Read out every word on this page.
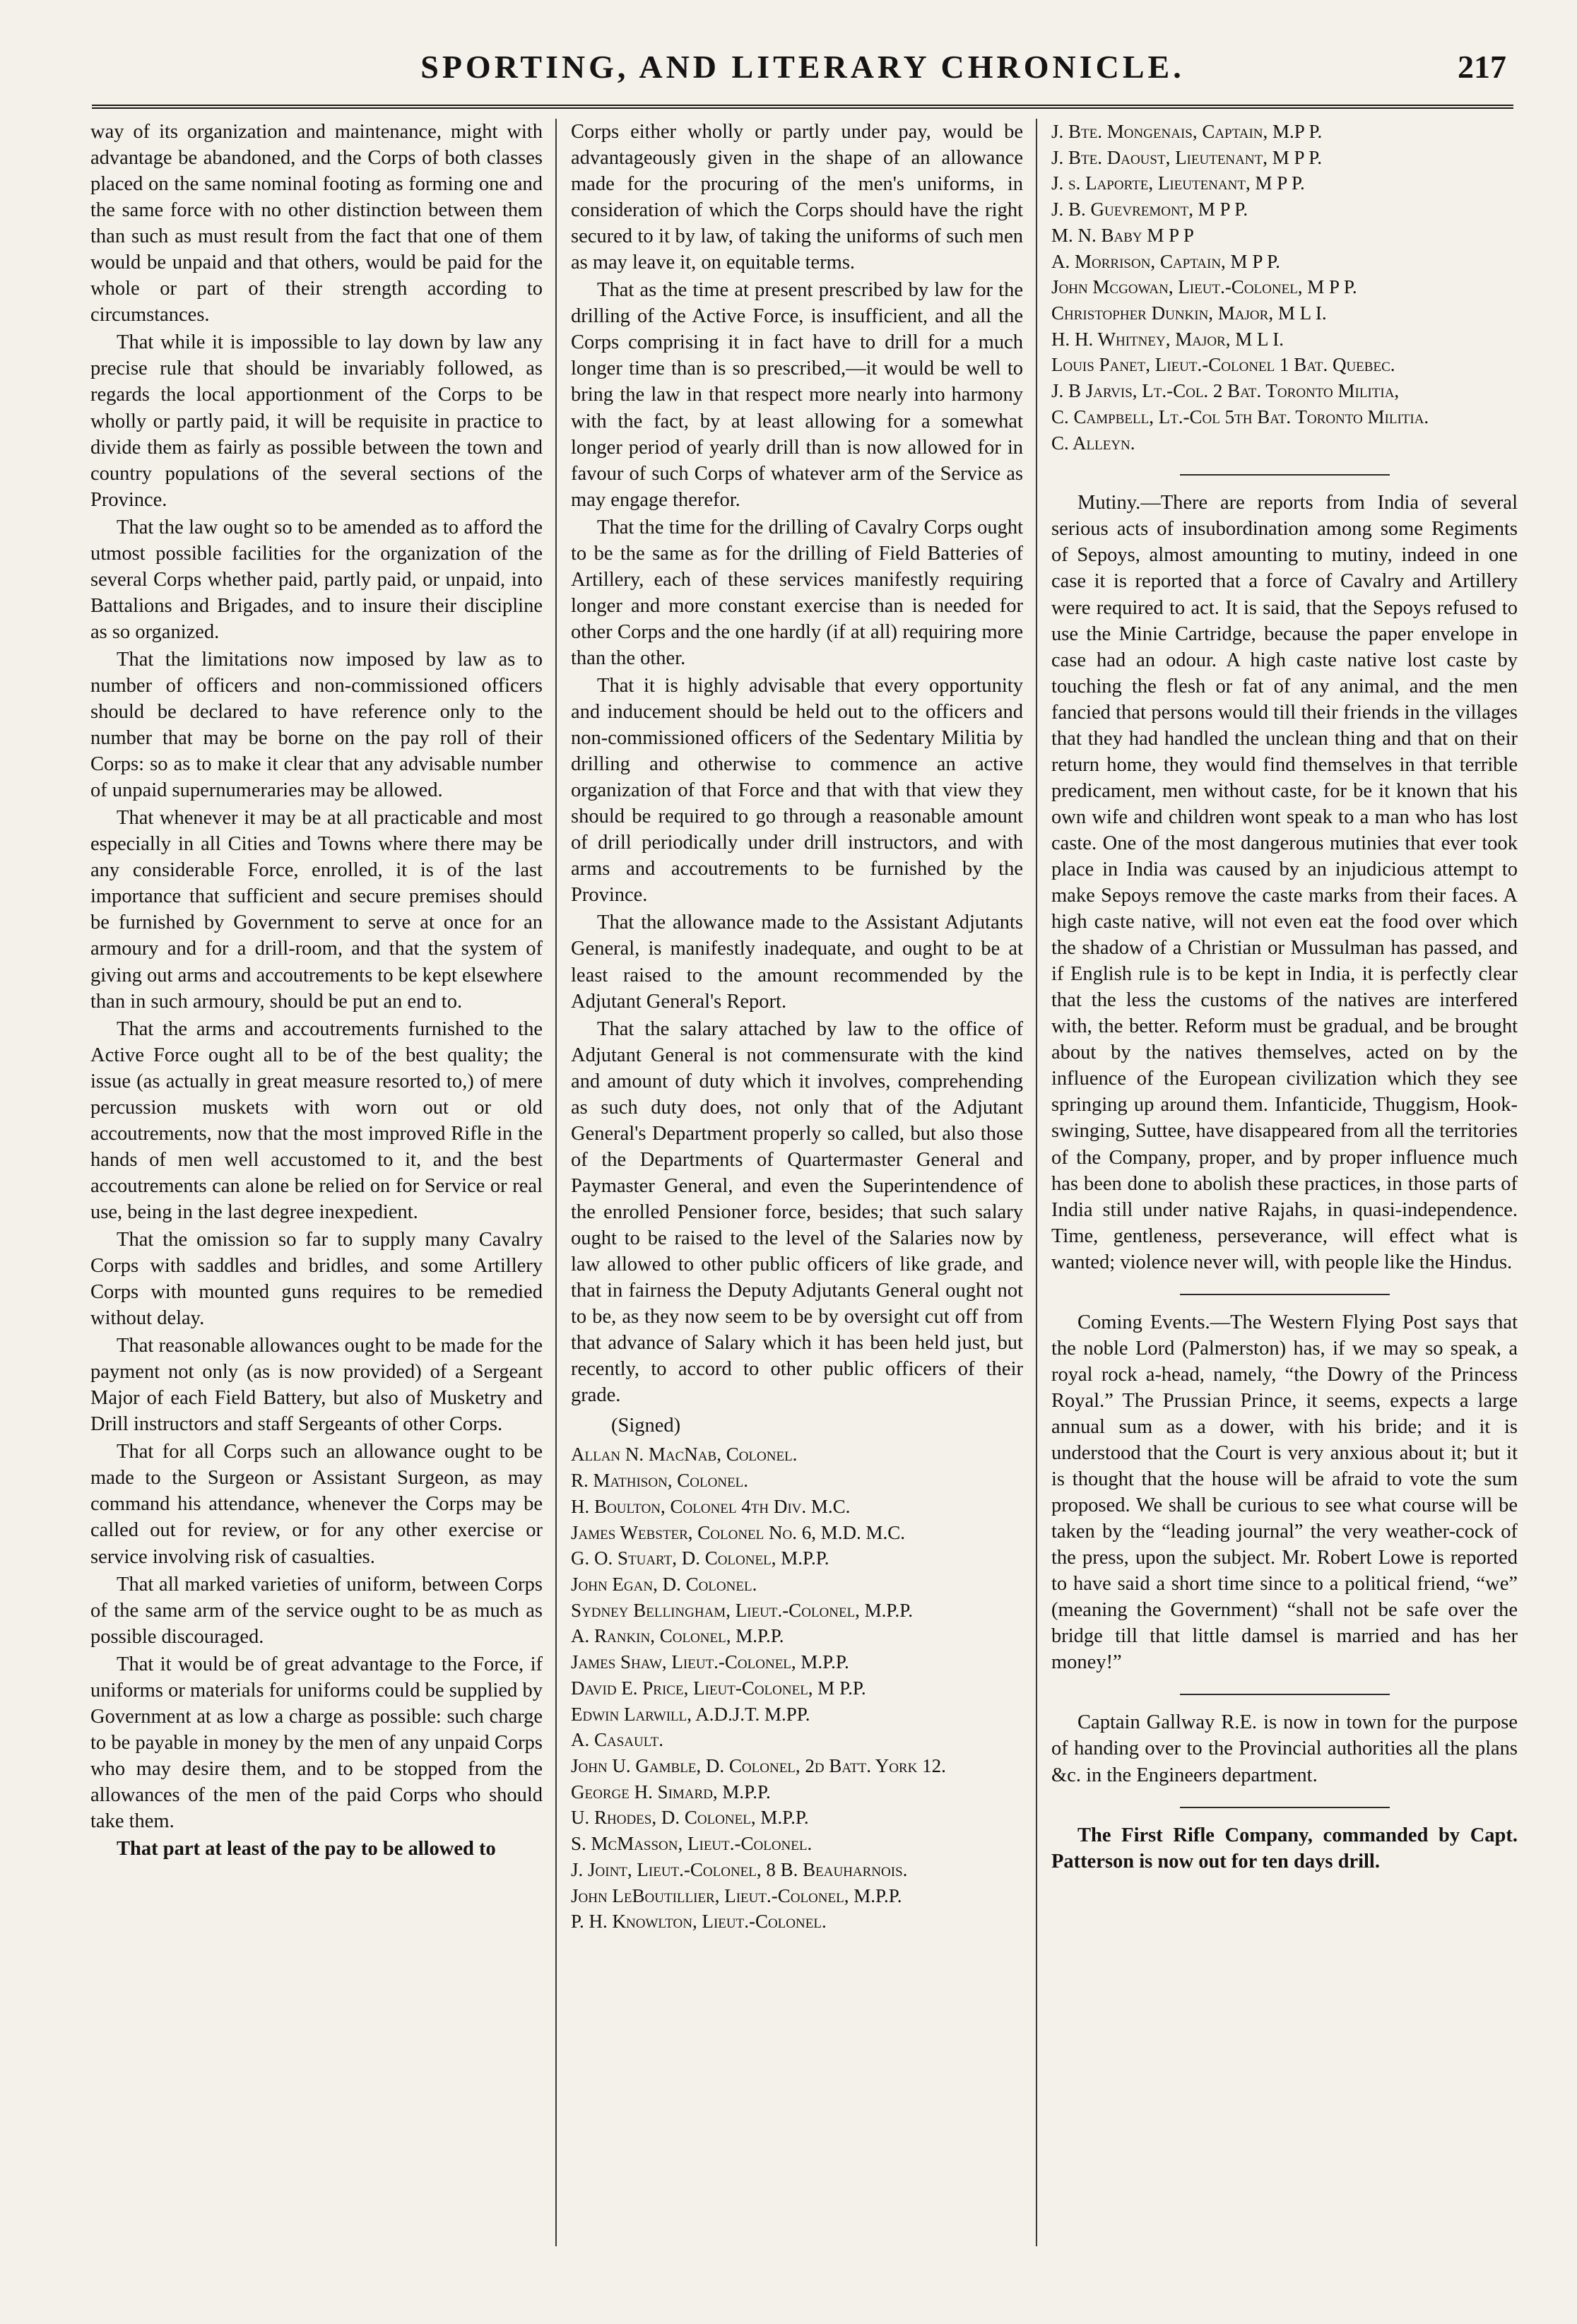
SPORTING, AND LITERARY CHRONICLE.	217

way of its organization and maintenance, might with advantage be abandoned, and the Corps of both classes placed on the same nominal footing as forming one and the same force with no other distinction between them than such as must result from the fact that one of them would be unpaid and that others, would be paid for the whole or part of their strength according to circumstances.

That while it is impossible to lay down by law any precise rule that should be invariably followed, as regards the local apportionment of the Corps to be wholly or partly paid, it will be requisite in practice to divide them as fairly as possible between the town and country populations of the several sections of the Province.

That the law ought so to be amended as to afford the utmost possible facilities for the organization of the several Corps whether paid, partly paid, or unpaid, into Battalions and Brigades, and to insure their discipline as so organized.

That the limitations now imposed by law as to number of officers and non-commissioned officers should be declared to have reference only to the number that may be borne on the pay roll of their Corps: so as to make it clear that any advisable number of unpaid supernumeraries may be allowed.

That whenever it may be at all practicable and most especially in all Cities and Towns where there may be any considerable Force, enrolled, it is of the last importance that sufficient and secure premises should be furnished by Government to serve at once for an armoury and for a drill-room, and that the system of giving out arms and accoutrements to be kept elsewhere than in such armoury, should be put an end to.

That the arms and accoutrements furnished to the Active Force ought all to be of the best quality; the issue (as actually in great measure resorted to,) of mere percussion muskets with worn out or old accoutrements, now that the most improved Rifle in the hands of men well accustomed to it, and the best accoutrements can alone be relied on for Service or real use, being in the last degree inexpedient.

That the omission so far to supply many Cavalry Corps with saddles and bridles, and some Artillery Corps with mounted guns requires to be remedied without delay.

That reasonable allowances ought to be made for the payment not only (as is now provided) of a Sergeant Major of each Field Battery, but also of Musketry and Drill instructors and staff Sergeants of other Corps.

That for all Corps such an allowance ought to be made to the Surgeon or Assistant Surgeon, as may command his attendance, whenever the Corps may be called out for review, or for any other exercise or service involving risk of casualties.

That all marked varieties of uniform, between Corps of the same arm of the service ought to be as much as possible discouraged.

That it would be of great advantage to the Force, if uniforms or materials for uniforms could be supplied by Government at as low a charge as possible: such charge to be payable in money by the men of any unpaid Corps who may desire them, and to be stopped from the allowances of the men of the paid Corps who should take them.

That part at least of the pay to be allowed to

Corps either wholly or partly under pay, would be advantageously given in the shape of an allowance made for the procuring of the men's uniforms, in consideration of which the Corps should have the right secured to it by law, of taking the uniforms of such men as may leave it, on equitable terms.

That as the time at present prescribed by law for the drilling of the Active Force, is insufficient, and all the Corps comprising it in fact have to drill for a much longer time than is so prescribed,—it would be well to bring the law in that respect more nearly into harmony with the fact, by at least allowing for a somewhat longer period of yearly drill than is now allowed for in favour of such Corps of whatever arm of the Service as may engage therefor.

That the time for the drilling of Cavalry Corps ought to be the same as for the drilling of Field Batteries of Artillery, each of these services manifestly requiring longer and more constant exercise than is needed for other Corps and the one hardly (if at all) requiring more than the other.

That it is highly advisable that every opportunity and inducement should be held out to the officers and non-commissioned officers of the Sedentary Militia by drilling and otherwise to commence an active organization of that Force and that with that view they should be required to go through a reasonable amount of drill periodically under drill instructors, and with arms and accoutrements to be furnished by the Province.

That the allowance made to the Assistant Adjutants General, is manifestly inadequate, and ought to be at least raised to the amount recommended by the Adjutant General's Report.

That the salary attached by law to the office of Adjutant General is not commensurate with the kind and amount of duty which it involves, comprehending as such duty does, not only that of the Adjutant General's Department properly so called, but also those of the Departments of Quartermaster General and Paymaster General, and even the Superintendence of the enrolled Pensioner force, besides; that such salary ought to be raised to the level of the Salaries now by law allowed to other public officers of like grade, and that in fairness the Deputy Adjutants General ought not to be, as they now seem to be by oversight cut off from that advance of Salary which it has been held just, but recently, to accord to other public officers of their grade.

(Signed)

Allan N. MacNab, Colonel.
R. Mathison, Colonel.
H. Boulton, Colonel 4th Div. M.C.
James Webster, Colonel No. 6, M.D. M.C.
G. O. Stuart, D. Colonel, M.P.P.
John Egan, D. Colonel.
Sydney Bellingham, Lieut.-Colonel, M.P.P.
A. Rankin, Colonel, M.P.P.
James Shaw, Lieut.-Colonel, M.P.P.
David E. Price, Lieut-Colonel, M P.P.
Edwin Larwill, A.D.J.T. M.PP.
A. Casault.
John U. Gamble, D. Colonel, 2d Batt. York 12.
George H. Simard, M.P.P.
U. Rhodes, D. Colonel, M.P.P.
S. McMasson, Lieut.-Colonel.
J. Joint, Lieut.-Colonel, 8 B. Beauharnois.
John LeBoutillier, Lieut.-Colonel, M.P.P.
P. H. Knowlton, Lieut.-Colonel.
J. Bte. Mongenais, Captain, M.P P.
J. Bte. Daoust, Lieutenant, M P P.
J. s. Laporte, Lieutenant, M P P.
J. B. Guevremont, M P P.
M. N. Baby M P P
A. Morrison, Captain, M P P.
John Mcgowan, Lieut.-Colonel, M P P.
Christopher Dunkin, Major, M L I.
H. H. Whitney, Major, M L I.
Louis Panet, Lieut.-Colonel 1 Bat. Quebec.
J. B Jarvis, Lt.-Col. 2 Bat. Toronto Militia,
C. Campbell, Lt.-Col 5th Bat. Toronto Militia.
C. Alleyn.

Mutiny.—There are reports from India of several serious acts of insubordination among some Regiments of Sepoys, almost amounting to mutiny, indeed in one case it is reported that a force of Cavalry and Artillery were required to act. It is said, that the Sepoys refused to use the Minie Cartridge, because the paper envelope in case had an odour. A high caste native lost caste by touching the flesh or fat of any animal, and the men fancied that persons would till their friends in the villages that they had handled the unclean thing and that on their return home, they would find themselves in that terrible predicament, men without caste, for be it known that his own wife and children wont speak to a man who has lost caste. One of the most dangerous mutinies that ever took place in India was caused by an injudicious attempt to make Sepoys remove the caste marks from their faces. A high caste native, will not even eat the food over which the shadow of a Christian or Mussulman has passed, and if English rule is to be kept in India, it is perfectly clear that the less the customs of the natives are interfered with, the better. Reform must be gradual, and be brought about by the natives themselves, acted on by the influence of the European civilization which they see springing up around them. Infanticide, Thuggism, Hook-swinging, Suttee, have disappeared from all the territories of the Company, proper, and by proper influence much has been done to abolish these practices, in those parts of India still under native Rajahs, in quasi-independence. Time, gentleness, perseverance, will effect what is wanted; violence never will, with people like the Hindus.

Coming Events.—The Western Flying Post says that the noble Lord (Palmerston) has, if we may so speak, a royal rock a-head, namely, “the Dowry of the Princess Royal.” The Prussian Prince, it seems, expects a large annual sum as a dower, with his bride; and it is understood that the Court is very anxious about it; but it is thought that the house will be afraid to vote the sum proposed. We shall be curious to see what course will be taken by the “leading journal” the very weather-cock of the press, upon the subject. Mr. Robert Lowe is reported to have said a short time since to a political friend, “we” (meaning the Government) “shall not be safe over the bridge till that little damsel is married and has her money!”

Captain Gallway R.E. is now in town for the purpose of handing over to the Provincial authorities all the plans &c. in the Engineers department.

The First Rifle Company, commanded by Capt. Patterson is now out for ten days drill.
